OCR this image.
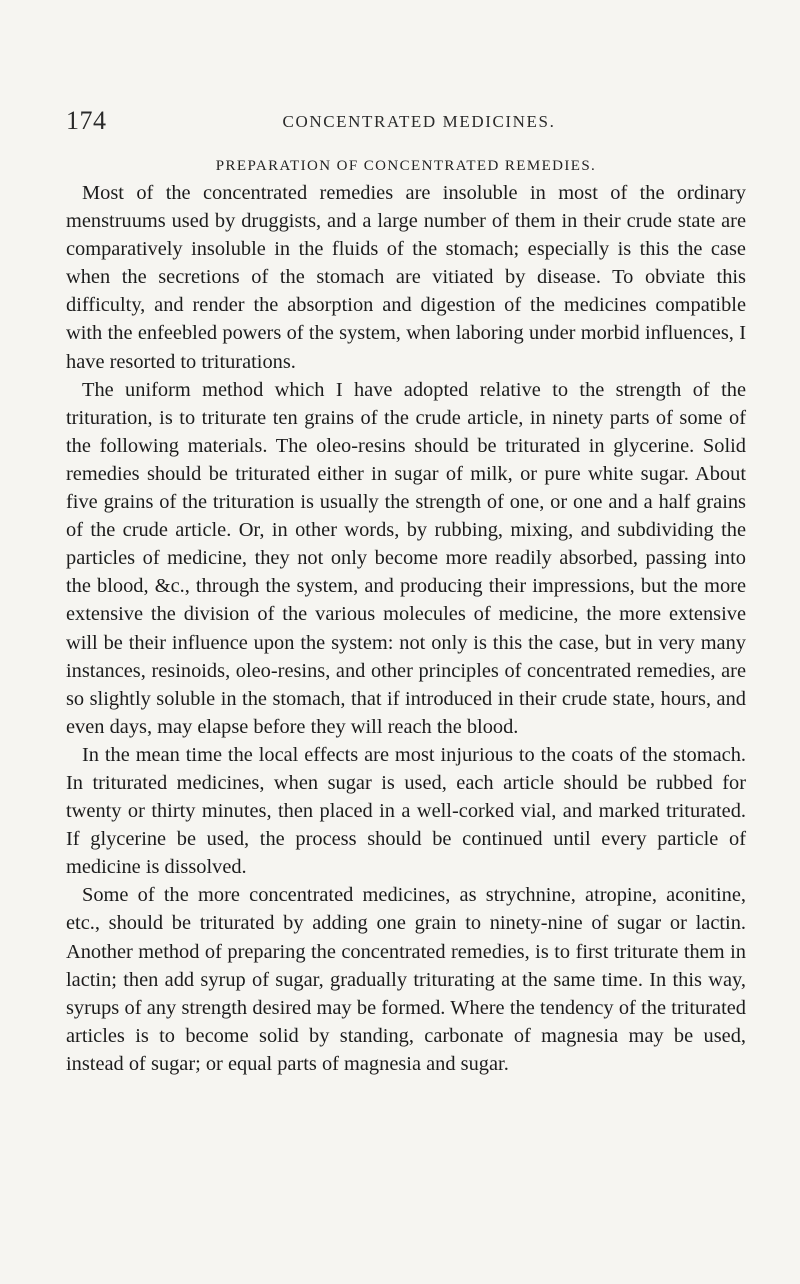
174	CONCENTRATED MEDICINES.
PREPARATION OF CONCENTRATED REMEDIES.

Most of the concentrated remedies are insoluble in most of the ordinary menstruums used by druggists, and a large number of them in their crude state are comparatively insoluble in the fluids of the stomach; especially is this the case when the secretions of the stomach are vitiated by disease. To obviate this difficulty, and render the absorption and digestion of the medicines compatible with the enfeebled powers of the system, when laboring under morbid influences, I have resorted to triturations.

The uniform method which I have adopted relative to the strength of the trituration, is to triturate ten grains of the crude article, in ninety parts of some of the following materials. The oleo-resins should be triturated in glycerine. Solid remedies should be triturated either in sugar of milk, or pure white sugar. About five grains of the trituration is usually the strength of one, or one and a half grains of the crude article. Or, in other words, by rubbing, mixing, and subdividing the particles of medicine, they not only become more readily absorbed, passing into the blood, &c., through the system, and producing their impressions, but the more extensive the division of the various molecules of medicine, the more extensive will be their influence upon the system: not only is this the case, but in very many instances, resinoids, oleo-resins, and other principles of concentrated remedies, are so slightly soluble in the stomach, that if introduced in their crude state, hours, and even days, may elapse before they will reach the blood.

In the mean time the local effects are most injurious to the coats of the stomach. In triturated medicines, when sugar is used, each article should be rubbed for twenty or thirty minutes, then placed in a well-corked vial, and marked triturated. If glycerine be used, the process should be continued until every particle of medicine is dissolved.

Some of the more concentrated medicines, as strychnine, atropine, aconitine, etc., should be triturated by adding one grain to ninety-nine of sugar or lactin. Another method of preparing the concentrated remedies, is to first triturate them in lactin; then add syrup of sugar, gradually triturating at the same time. In this way, syrups of any strength desired may be formed. Where the tendency of the triturated articles is to become solid by standing, carbonate of magnesia may be used, instead of sugar; or equal parts of magnesia and sugar.
